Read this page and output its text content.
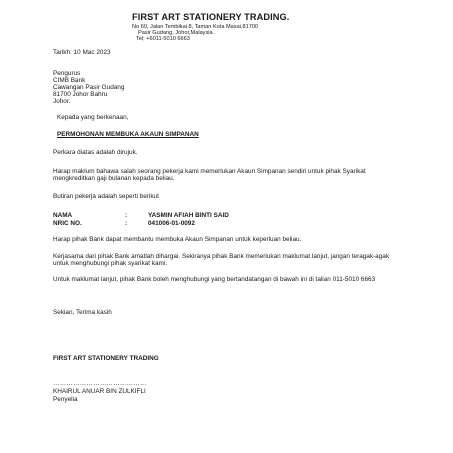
FIRST ART STATIONERY TRADING.
No 60, Jalan Tembikai 8, Taman Kota Masai,81700
Pasir Gudang, Johor,Malaysia.
Tel; +6011-5010 6663
Tarikh: 10 Mac 2023
Pengurus
CIMB Bank
Cawangan Pasir Gudang
81700 Johor Bahru
Johor.
Kepada yang berkenaan,
PERMOHONAN MEMBUKA AKAUN SIMPANAN
Perkara diatas adalah dirujuk.
Harap maklum bahawa salah seorang pekerja kami memerlukan Akaun Simpanan sendiri untuk pihak Syarikat mengkreditkan gaji bulanan kepada beliau.
Butiran pekerja adalah seperti berikut
NAMA	:	YASMIN AFIAH BINTI SAID
NRIC NO.	:	041006-01-0092
Harap pihak Bank dapat membantu membuka Akaun Simpanan untuk keperluan beliau.
Kerjasama dari pihak Bank amatlah dihargai. Sekiranya pihak Bank memerlukan maklumat lanjut, jangan teragak-agak untuk menghubungi pihak syarikat kami.
Untuk maklumat lanjut, pihak Bank boleh menghubungi yang bertandatangan di bawah ini di talian 011-5010 6663
Sekian, Terima kasih
FIRST ART STATIONERY TRADING
……………………………………
KHAIRUL ANUAR BIN ZULKIFLI
Penyelia
